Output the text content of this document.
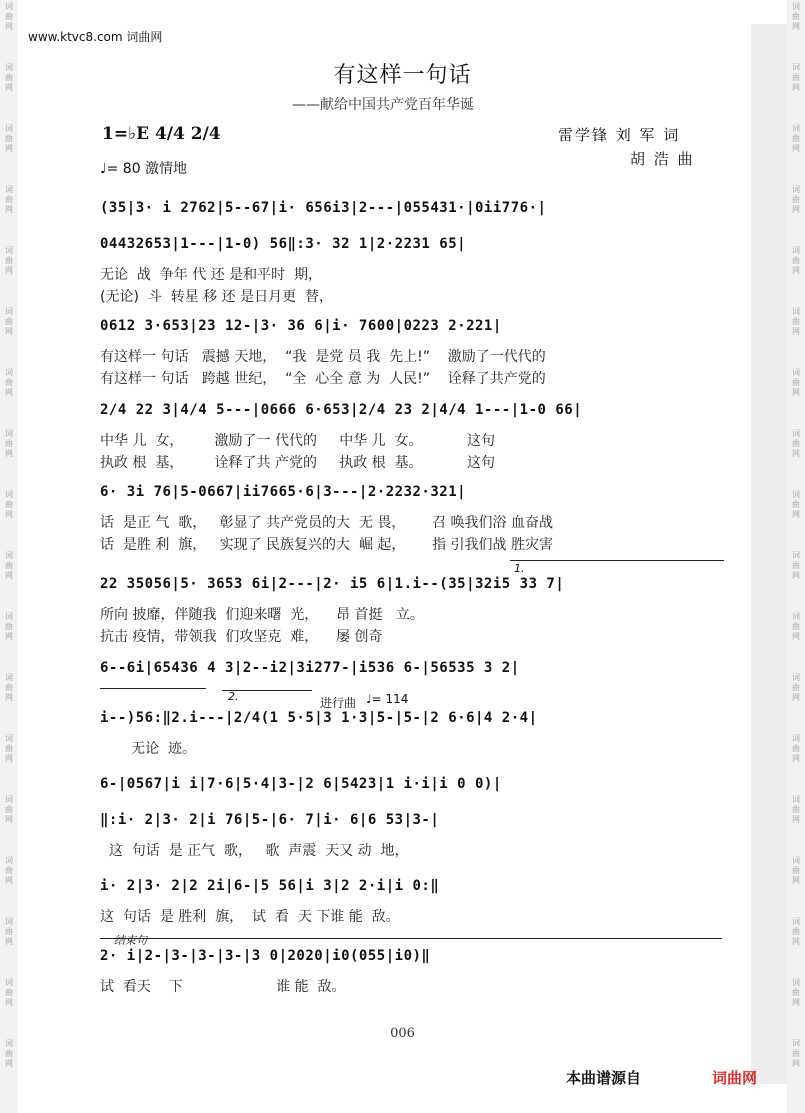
词
曲
网
词
曲
网
词
曲
网
词
曲
网
词
曲
网
词
曲
网
词
曲
网
词
曲
网
词
曲
网
词
曲
网
词
曲
网
词
曲
网
词
曲
网
词
曲
网
词
曲
网
词
曲
网
词
曲
网
词
曲
网
词
曲
网
词
曲
网
词
曲
网
词
曲
网
词
曲
网
词
曲
网
词
曲
网
词
曲
网
词
曲
网
词
曲
网
词
曲
网
词
曲
网
词
曲
网
词
曲
网
词
曲
网
词
曲
网
词
曲
网
词
曲
网
www.ktvc8.com 词曲网
有这样一句话
——献给中国共产党百年华诞
1=♭E 4/4 2/4
♩= 80 激情地
雷学锋 刘 军 词
胡 浩 曲
1.
2.	进行曲 ♩= 114
结束句
(35|3· i 2762|5--67|i· 656i3|2---|055431·|0ii776·|
04432653|1---|1-0) 56‖:3· 32 1|2·2231 65|
无论  战  争年 代 还 是和平时  期，
(无论)  斗  转星 移 还 是日月更  替，
0612 3·653|23 12-|3· 36 6|i· 7600|0223 2·221|
有这样一 句话   震撼 天地，  “我  是党 员 我  先上!”    激励了一代代的
有这样一 句话   跨越 世纪，  “全  心全 意 为  人民!”    诠释了共产党的
2/4 22 3|4/4 5---|0666 6·653|2/4 23 2|4/4 1---|1-0 66|
中华 儿  女，       激励了一 代代的     中华 儿  女。          这句
执政 根  基，       诠释了共 产党的     执政 根  基。          这句
6· 3i 76|5-0667|ii7665·6|3---|2·2232·321|
话  是正 气  歌，   彰显了 共产党员的大  无 畏，      召 唤我们浴 血奋战
话  是胜 利  旗，   实现了 民族复兴的大  崛 起，      指 引我们战 胜灾害
22 35056|5· 3653 6i|2---|2· i5 6|1.i--(35|32i5 33 7|
所向 披靡，伴随我  们迎来曙  光，    昂 首挺   立。
抗击 疫情，带领我  们攻坚克  难，    屡 创奇
6--6i|65436 4 3|2--i2|3i277-|i536 6-|56535 3 2|
i--)56:‖2.i---|2/4(1 5·5|3 1·3|5-|5-|2 6·6|4 2·4|
无论  迹。
6-|0567|i i|7·6|5·4|3-|2 6|5423|1 i·i|i 0 0)|
‖:i· 2|3· 2|i 76|5-|6· 7|i· 6|6 53|3-|
这  句话  是 正气  歌，   歌  声震  天又 动  地，
i· 2|3· 2|2 2i|6-|5 56|i 3|2 2·i|i 0:‖
这  句话  是 胜利  旗，  试  看  天 下谁 能  敌。
2· i|2-|3-|3-|3-|3 0|2020|i0(055|i0)‖
试  看天    下                     谁 能  敌。
006
本曲谱源自	词曲网
